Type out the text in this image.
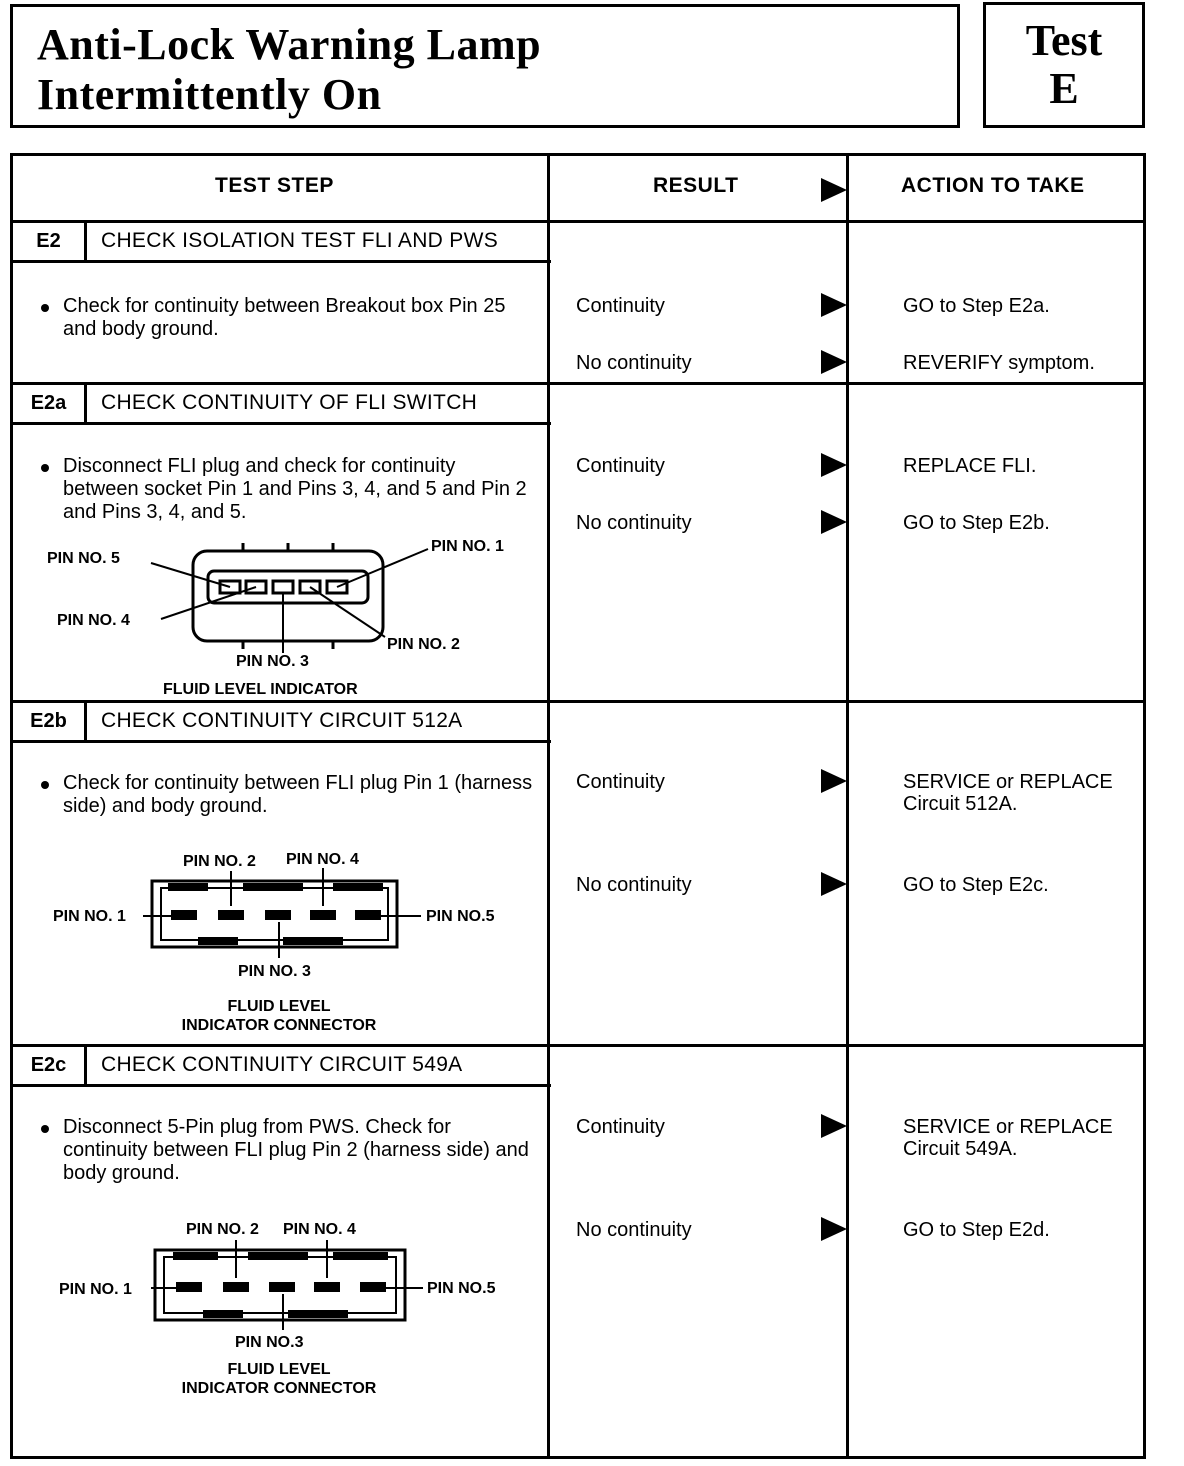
Anti-Lock Warning Lamp
Intermittently On
Test
E
TEST STEP	RESULT	ACTION TO TAKE
E2	CHECK ISOLATION TEST FLI AND PWS
Check for continuity between Breakout box Pin 25 and body ground.
Continuity	GO to Step E2a.
No continuity	REVERIFY symptom.
E2a	CHECK CONTINUITY OF FLI SWITCH
Disconnect FLI plug and check for continuity between socket Pin 1 and Pins 3, 4, and 5 and Pin 2 and Pins 3, 4, and 5.
Continuity	REPLACE FLI.
No continuity	GO to Step E2b.
PIN NO. 5
PIN NO. 1
PIN NO. 4
PIN NO. 2
PIN NO. 3
FLUID LEVEL INDICATOR
E2b	CHECK CONTINUITY CIRCUIT 512A
Check for continuity between FLI plug Pin 1 (harness side) and body ground.
Continuity	SERVICE or REPLACE Circuit 512A.
No continuity	GO to Step E2c.
PIN NO. 2 PIN NO. 4
PIN NO. 1	PIN NO.5
PIN NO. 3
FLUID LEVEL
INDICATOR CONNECTOR
E2c	CHECK CONTINUITY CIRCUIT 549A
Disconnect 5-Pin plug from PWS. Check for continuity between FLI plug Pin 2 (harness side) and body ground.
Continuity	SERVICE or REPLACE Circuit 549A.
No continuity	GO to Step E2d.
PIN NO. 2 PIN NO. 4
PIN NO. 1	PIN NO.5
PIN NO.3
FLUID LEVEL
INDICATOR CONNECTOR
